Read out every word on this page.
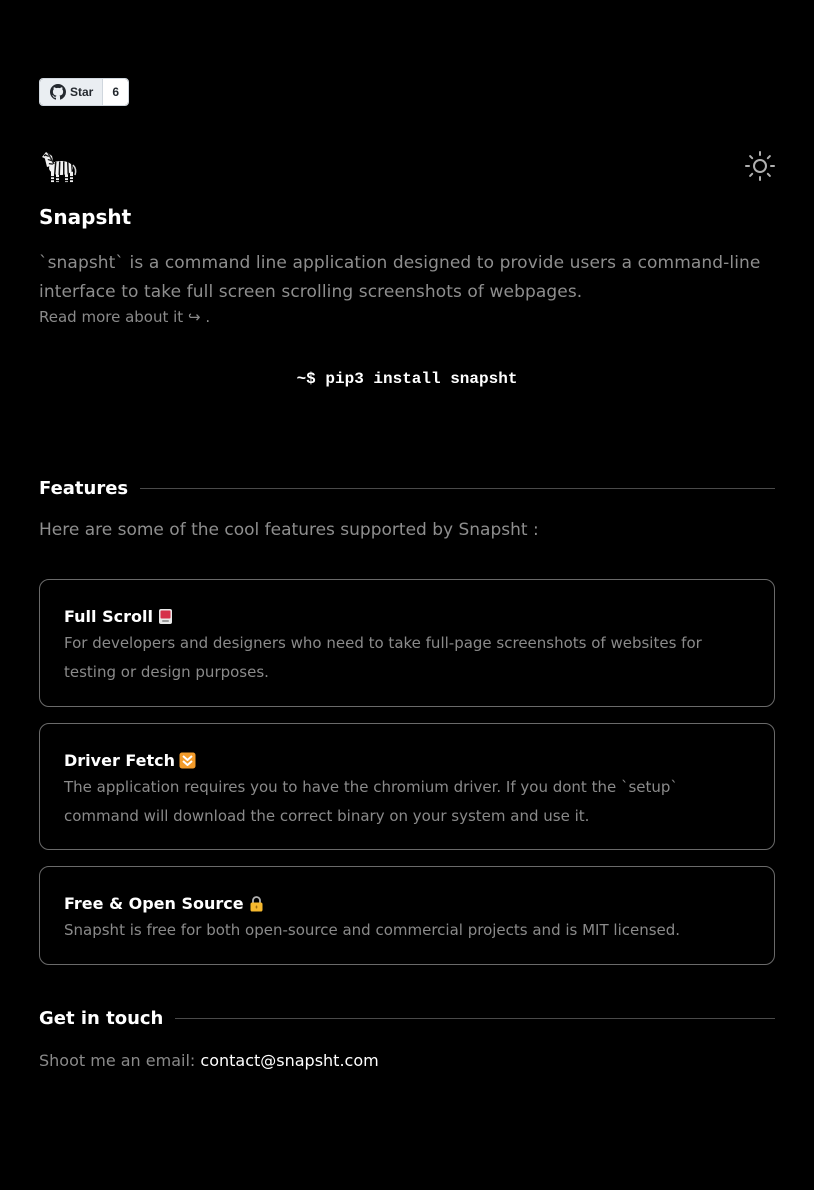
Star	6
Snapsht

`snapsht` is a command line application designed to provide users a command-line interface to take full screen scrolling screenshots of webpages.

Read more about it ↪ .

~$ pip3 install snapsht
Features

Here are some of the cool features supported by Snapsht :

Full Scroll

For developers and designers who need to take full-page screenshots of websites for testing or design purposes.

Driver Fetch

The application requires you to have the chromium driver. If you dont the `setup` command will download the correct binary on your system and use it.

Free & Open Source

Snapsht is free for both open-source and commercial projects and is MIT licensed.

Get in touch

Shoot me an email: contact@snapsht.com
